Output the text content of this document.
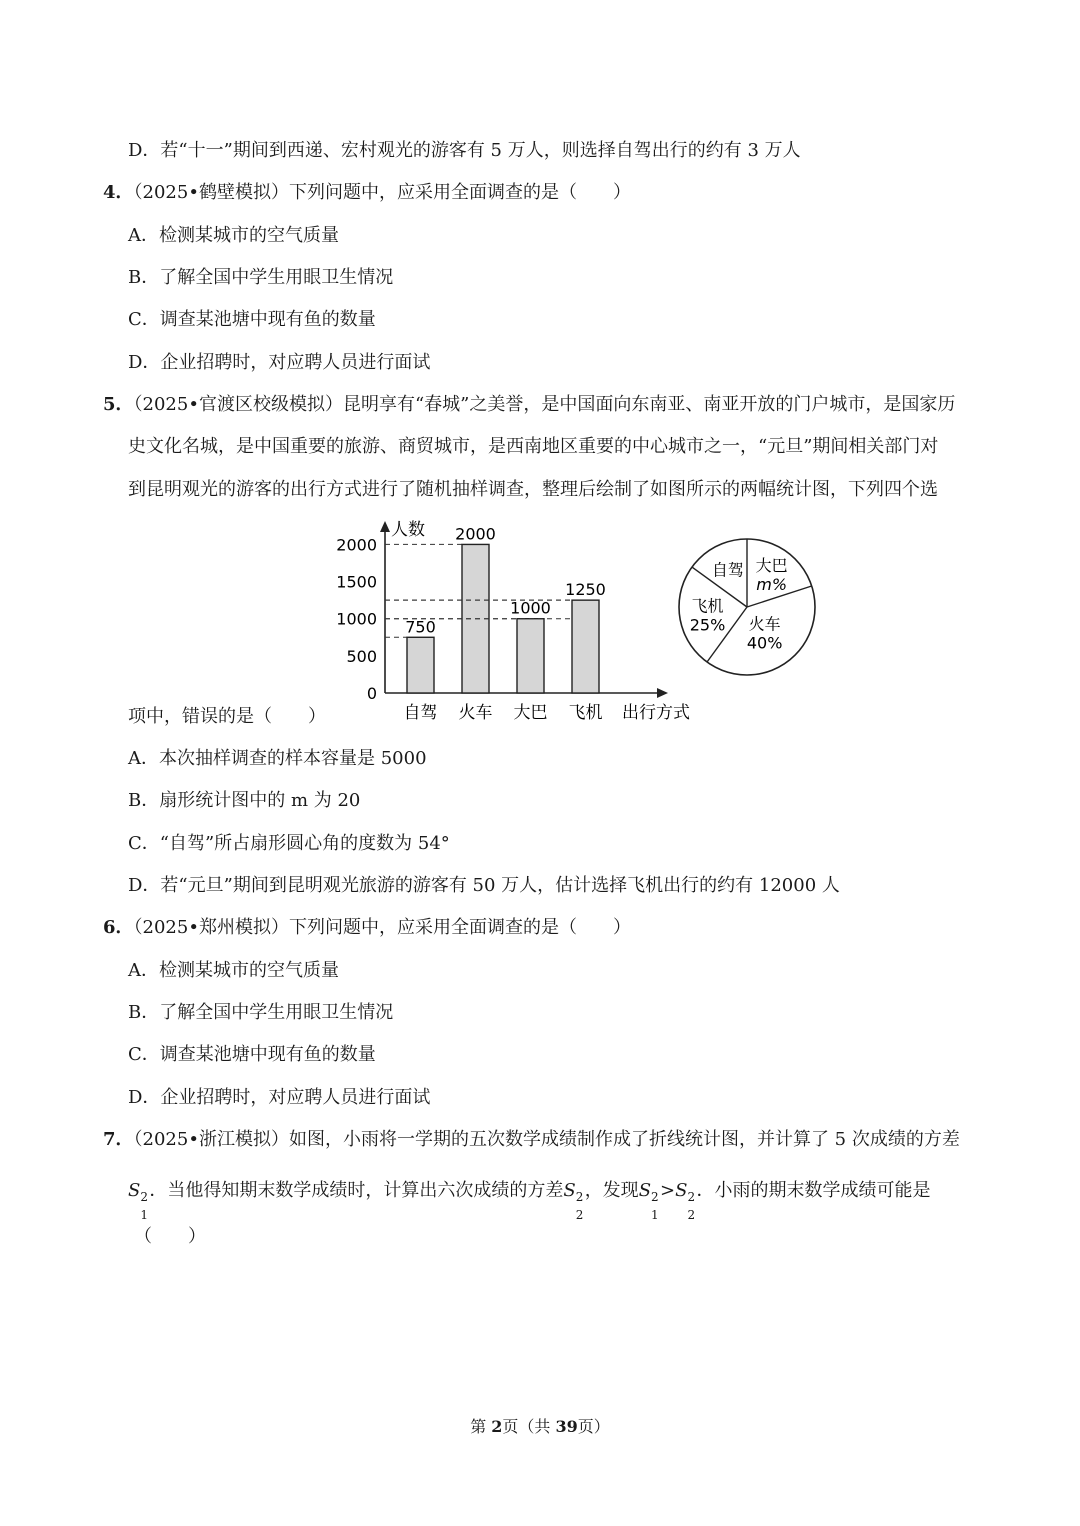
D．若“十一”期间到西递、宏村观光的游客有 5 万人，则选择自驾出行的约有 3 万人
4．（2025•鹤壁模拟）下列问题中，应采用全面调查的是（　　）
A．检测某城市的空气质量
B．了解全国中学生用眼卫生情况
C．调查某池塘中现有鱼的数量
D．企业招聘时，对应聘人员进行面试
5．（2025•官渡区校级模拟）昆明享有“春城”之美誉，是中国面向东南亚、南亚开放的门户城市，是国家历
史文化名城，是中国重要的旅游、商贸城市，是西南地区重要的中心城市之一，“元旦”期间相关部门对
到昆明观光的游客的出行方式进行了随机抽样调查，整理后绘制了如图所示的两幅统计图，下列四个选
项中，错误的是（　　）
人数
出行方式
0
500
1000
1500
2000
750
自驾
2000
火车
1000
大巴
1250
飞机
大巴
m%
火车
40%
飞机
25%
自驾
A．本次抽样调查的样本容量是 5000
B．扇形统计图中的 m 为 20
C．“自驾”所占扇形圆心角的度数为 54°
D．若“元旦”期间到昆明观光旅游的游客有 50 万人，估计选择飞机出行的约有 12000 人
6．（2025•郑州模拟）下列问题中，应采用全面调查的是（　　）
A．检测某城市的空气质量
B．了解全国中学生用眼卫生情况
C．调查某池塘中现有鱼的数量
D．企业招聘时，对应聘人员进行面试
7．（2025•浙江模拟）如图，小雨将一学期的五次数学成绩制作成了折线统计图，并计算了 5 次成绩的方差
S 2
1
．当他得知期末数学成绩时，计算出六次成绩的方差S 2
2
，发现S 2
1
>S 2
2
．小雨的期末数学成绩可能是
（　　）
第 2页（共 39页）
